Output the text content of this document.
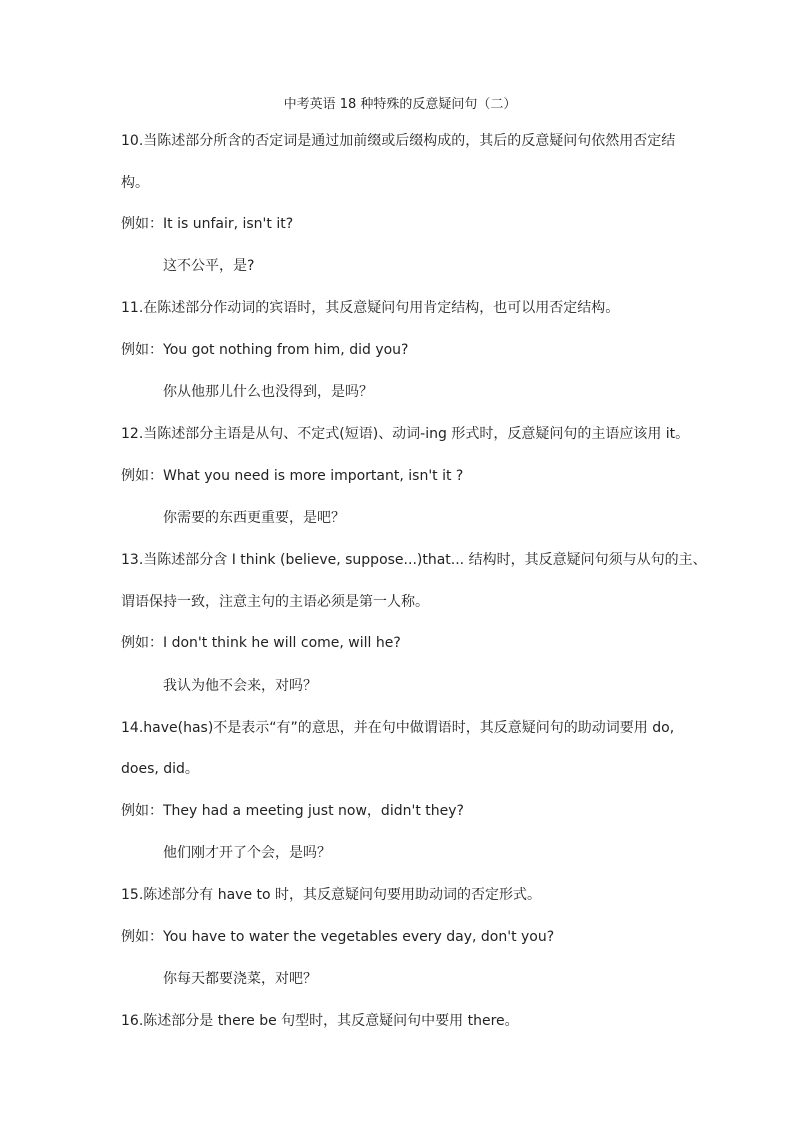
中考英语 18 种特殊的反意疑问句（二）
10.当陈述部分所含的否定词是通过加前缀或后缀构成的，其后的反意疑问句依然用否定结
构。
例如：It is unfair, isn't it?
这不公平，是?
11.在陈述部分作动词的宾语时，其反意疑问句用肯定结构，也可以用否定结构。
例如：You got nothing from him, did you?
你从他那儿什么也没得到，是吗？
12.当陈述部分主语是从句、不定式(短语)、动词-ing 形式时，反意疑问句的主语应该用 it。
例如：What you need is more important, isn't it ?
你需要的东西更重要，是吧？
13.当陈述部分含 I think (believe, suppose...)that... 结构时，其反意疑问句须与从句的主、
谓语保持一致，注意主句的主语必须是第一人称。
例如：I don't think he will come, will he?
我认为他不会来，对吗？
14.have(has)不是表示“有”的意思，并在句中做谓语时，其反意疑问句的助动词要用 do,
does, did。
例如：They had a meeting just now，didn't they?
他们刚才开了个会，是吗？
15.陈述部分有 have to 时，其反意疑问句要用助动词的否定形式。
例如：You have to water the vegetables every day, don't you?
你每天都要浇菜，对吧？
16.陈述部分是 there be 句型时，其反意疑问句中要用 there。
